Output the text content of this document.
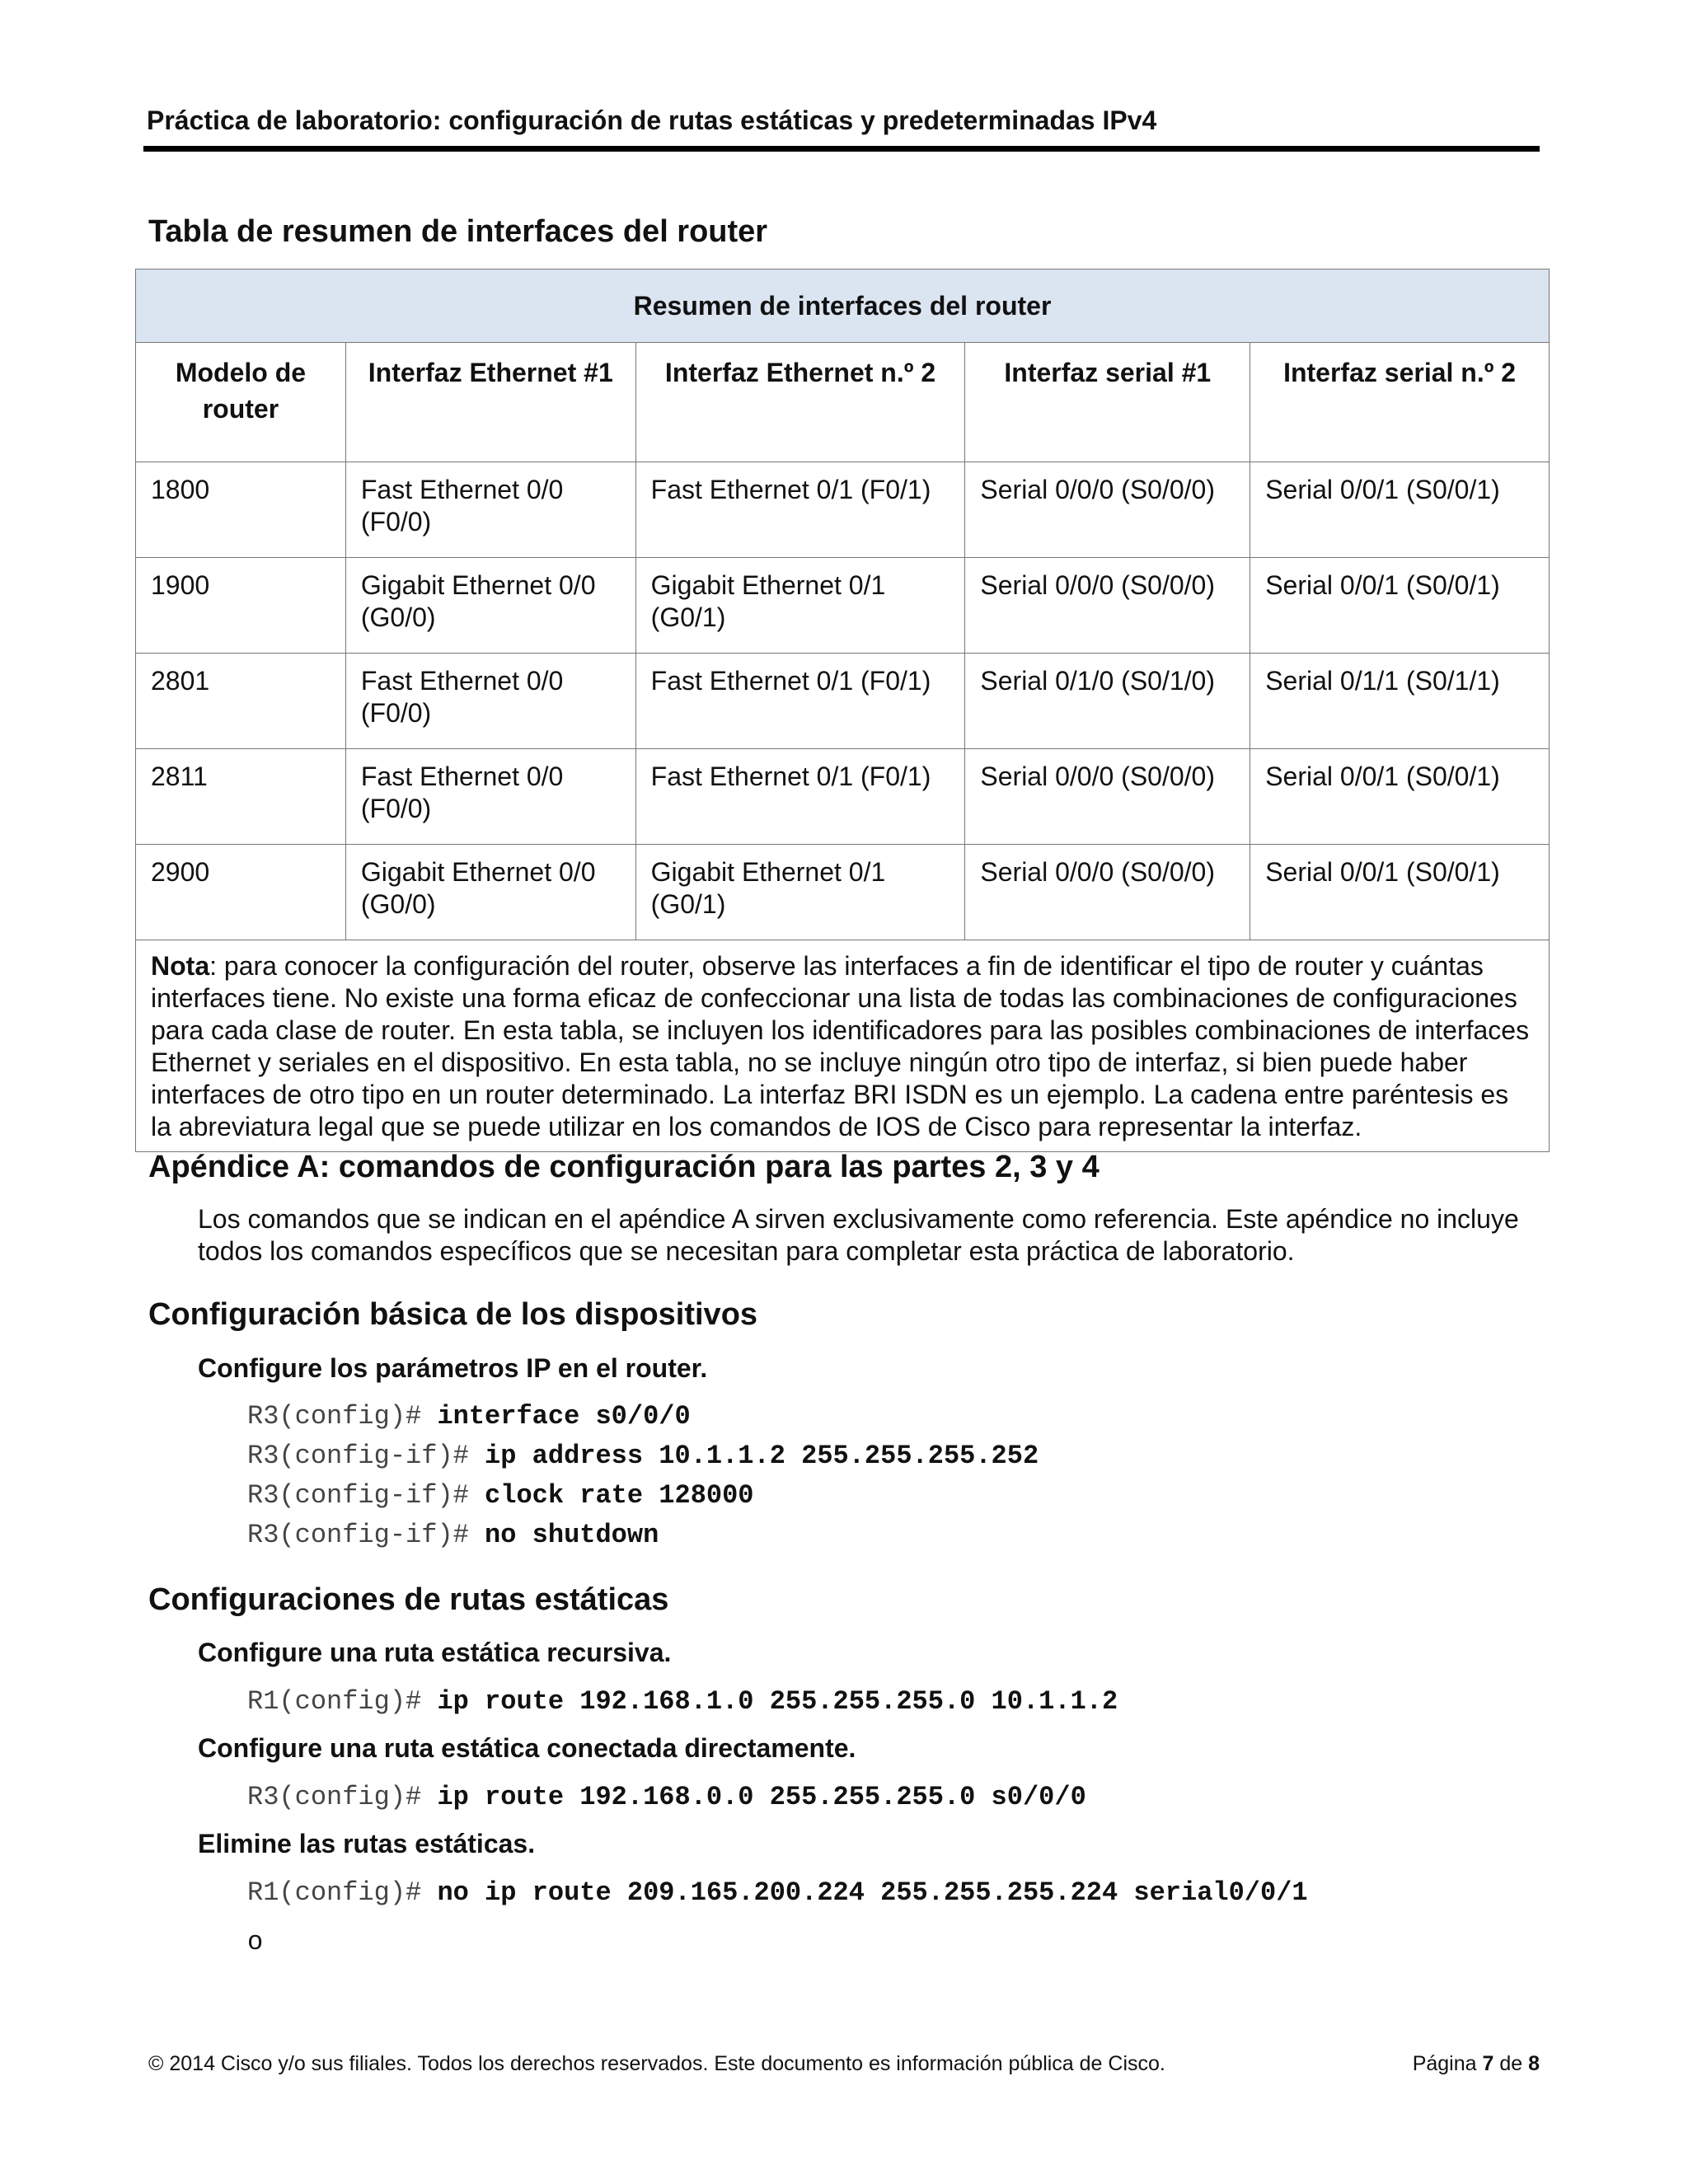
Práctica de laboratorio: configuración de rutas estáticas y predeterminadas IPv4
Tabla de resumen de interfaces del router
Resumen de interfaces del router				
Modelo de router	Interfaz Ethernet #1	Interfaz Ethernet n.º 2	Interfaz serial #1	Interfaz serial n.º 2
1800	Fast Ethernet 0/0 (F0/0)	Fast Ethernet 0/1 (F0/1)	Serial 0/0/0 (S0/0/0)	Serial 0/0/1 (S0/0/1)
1900	Gigabit Ethernet 0/0 (G0/0)	Gigabit Ethernet 0/1 (G0/1)	Serial 0/0/0 (S0/0/0)	Serial 0/0/1 (S0/0/1)
2801	Fast Ethernet 0/0 (F0/0)	Fast Ethernet 0/1 (F0/1)	Serial 0/1/0 (S0/1/0)	Serial 0/1/1 (S0/1/1)
2811	Fast Ethernet 0/0 (F0/0)	Fast Ethernet 0/1 (F0/1)	Serial 0/0/0 (S0/0/0)	Serial 0/0/1 (S0/0/1)
2900	Gigabit Ethernet 0/0 (G0/0)	Gigabit Ethernet 0/1 (G0/1)	Serial 0/0/0 (S0/0/0)	Serial 0/0/1 (S0/0/1)
Nota: para conocer la configuración del router, observe las interfaces a fin de identificar el tipo de router y cuántas interfaces tiene. No existe una forma eficaz de confeccionar una lista de todas las combinaciones de configuraciones para cada clase de router. En esta tabla, se incluyen los identificadores para las posibles combinaciones de interfaces Ethernet y seriales en el dispositivo. En esta tabla, no se incluye ningún otro tipo de interfaz, si bien puede haber interfaces de otro tipo en un router determinado. La interfaz BRI ISDN es un ejemplo. La cadena entre paréntesis es la abreviatura legal que se puede utilizar en los comandos de IOS de Cisco para representar la interfaz.				
Apéndice A: comandos de configuración para las partes 2, 3 y 4

Los comandos que se indican en el apéndice A sirven exclusivamente como referencia. Este apéndice no incluye todos los comandos específicos que se necesitan para completar esta práctica de laboratorio.

Configuración básica de los dispositivos
Configure los parámetros IP en el router.
R3(config)# interface s0/0/0
R3(config-if)# ip address 10.1.1.2 255.255.255.252
R3(config-if)# clock rate 128000
R3(config-if)# no shutdown
Configuraciones de rutas estáticas
Configure una ruta estática recursiva.
R1(config)# ip route 192.168.1.0 255.255.255.0 10.1.1.2
Configure una ruta estática conectada directamente.
R3(config)# ip route 192.168.0.0 255.255.255.0 s0/0/0
Elimine las rutas estáticas.
R1(config)# no ip route 209.165.200.224 255.255.255.224 serial0/0/1
o
© 2014 Cisco y/o sus filiales. Todos los derechos reservados. Este documento es información pública de Cisco.	Página 7 de 8
